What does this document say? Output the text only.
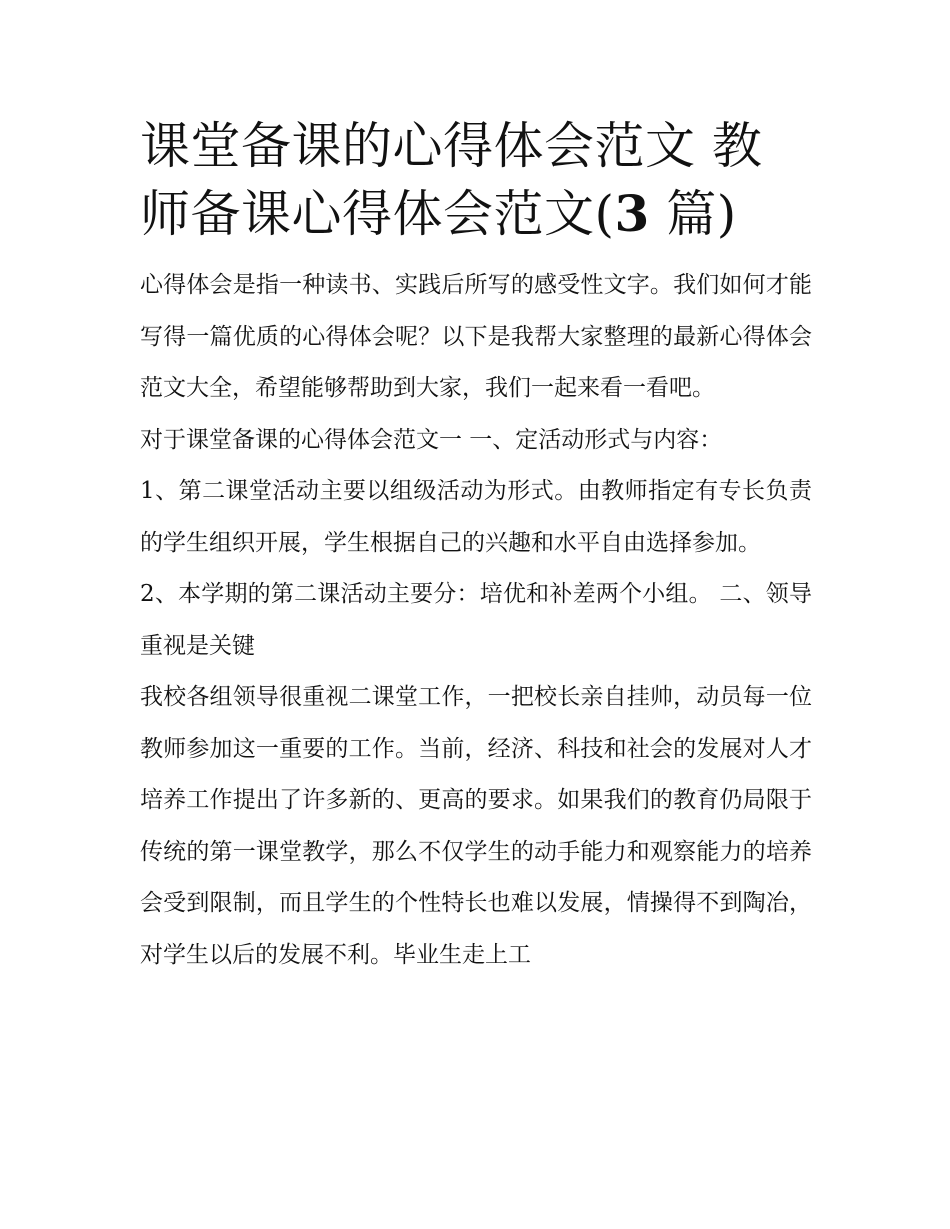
课堂备课的心得体会范文 教师备课心得体会范文(3 篇)

心得体会是指一种读书、实践后所写的感受性文字。我们如何才能写得一篇优质的心得体会呢？以下是我帮大家整理的最新心得体会范文大全，希望能够帮助到大家，我们一起来看一看吧。

对于课堂备课的心得体会范文一 一、定活动形式与内容：

1、第二课堂活动主要以组级活动为形式。由教师指定有专长负责的学生组织开展，学生根据自己的兴趣和水平自由选择参加。

2、本学期的第二课活动主要分：培优和补差两个小组。 二、领导重视是关键

我校各组领导很重视二课堂工作，一把校长亲自挂帅，动员每一位教师参加这一重要的工作。当前，经济、科技和社会的发展对人才培养工作提出了许多新的、更高的要求。如果我们的教育仍局限于传统的第一课堂教学，那么不仅学生的动手能力和观察能力的培养会受到限制，而且学生的个性特长也难以发展，情操得不到陶冶，对学生以后的发展不利。毕业生走上工
